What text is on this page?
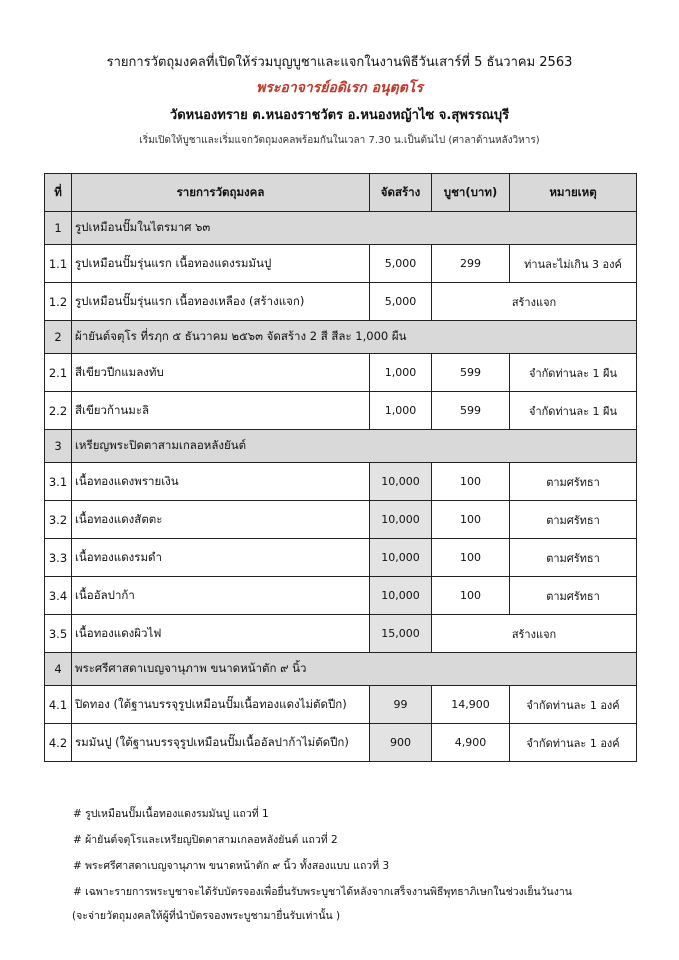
รายการวัตถุมงคลที่เปิดให้ร่วมบุญบูชาและแจกในงานพิธีวันเสาร์ที่ 5 ธันวาคม 2563
พระอาจารย์อดิเรก อนุตฺตโร
วัดหนองทราย ต.หนองราชวัตร อ.หนองหญ้าไซ จ.สุพรรณบุรี
เริ่มเปิดให้บูชาและเริ่มแจกวัตถุมงคลพร้อมกันในเวลา 7.30 น.เป็นต้นไป (ศาลาด้านหลังวิหาร)
ที่	รายการวัตถุมงคล	จัดสร้าง	บูชา(บาท)	หมายเหตุ
1	รูปเหมือนปั๊มในไตรมาศ ๖๓			
1.1	รูปเหมือนปั๊มรุ่นแรก เนื้อทองแดงรมมันปู	5,000	299	ท่านละไม่เกิน 3 องค์
1.2	รูปเหมือนปั๊มรุ่นแรก เนื้อทองเหลือง (สร้างแจก)	5,000	สร้างแจก	
2	ผ้ายันต์จตุโร ที่รฦก ๕ ธันวาคม ๒๕๖๓ จัดสร้าง 2 สี สีละ 1,000 ผืน			
2.1	สีเขียวปีกแมลงทับ	1,000	599	จำกัดท่านละ 1 ผืน
2.2	สีเขียวก้านมะลิ	1,000	599	จำกัดท่านละ 1 ผืน
3	เหรียญพระปิดตาสามเกลอหลังยันต์			
3.1	เนื้อทองแดงพรายเงิน	10,000	100	ตามศรัทธา
3.2	เนื้อทองแดงสัตตะ	10,000	100	ตามศรัทธา
3.3	เนื้อทองแดงรมดำ	10,000	100	ตามศรัทธา
3.4	เนื้ออัลปาก้า	10,000	100	ตามศรัทธา
3.5	เนื้อทองแดงผิวไฟ	15,000	สร้างแจก	
4	พระศรีศาสดาเบญจานุภาพ ขนาดหน้าตัก ๙ นิ้ว			
4.1	ปิดทอง (ใต้ฐานบรรจุรูปเหมือนปั๊มเนื้อทองแดงไม่ตัดปีก)	99	14,900	จำกัดท่านละ 1 องค์
4.2	รมมันปู (ใต้ฐานบรรจุรูปเหมือนปั๊มเนื้ออัลปาก้าไม่ตัดปีก)	900	4,900	จำกัดท่านละ 1 องค์
# รูปเหมือนปั๊มเนื้อทองแดงรมมันปู แถวที่ 1
# ผ้ายันต์จตุโรและเหรียญปิดตาสามเกลอหลังยันต์ แถวที่ 2
# พระศรีศาสดาเบญจานุภาพ ขนาดหน้าตัก ๙ นิ้ว ทั้งสองแบบ แถวที่ 3
# เฉพาะรายการพระบูชาจะได้รับบัตรจองเพื่อยื่นรับพระบูชาได้หลังจากเสร็จงานพิธีพุทธาภิเษกในช่วงเย็นวันงาน
(จะจ่ายวัตถุมงคลให้ผู้ที่นำบัตรจองพระบูชามายื่นรับเท่านั้น )
